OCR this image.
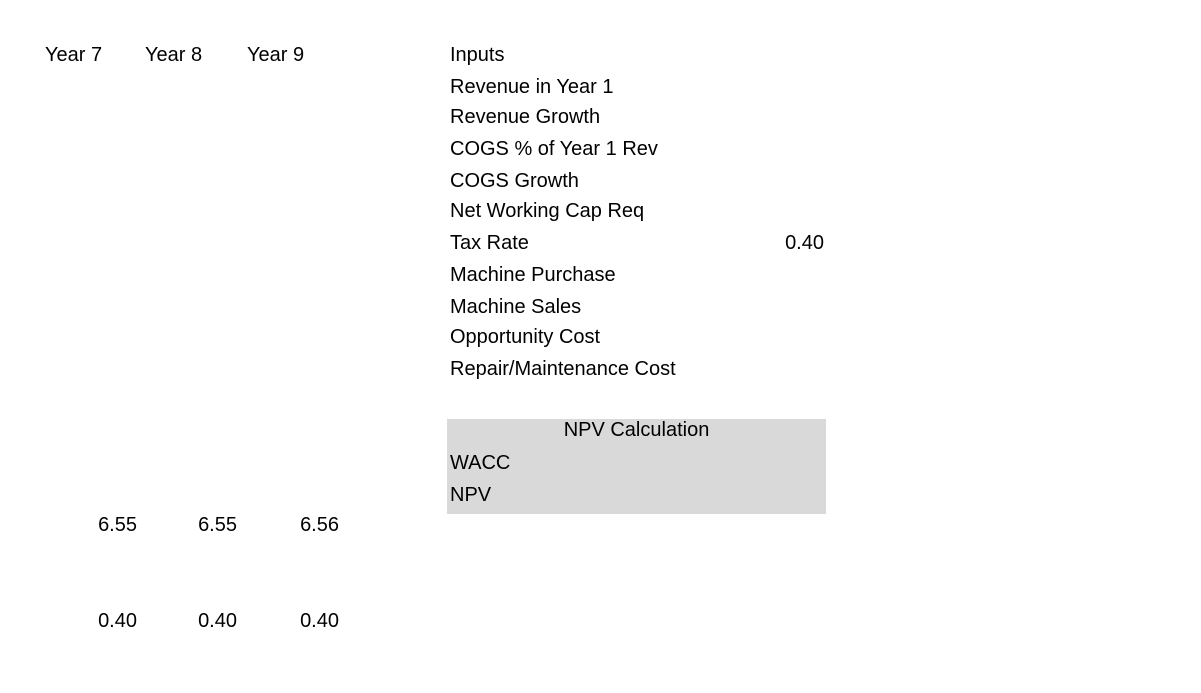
Year 7 Year 8 Year 9
6.55	6.55	6.56
0.40	0.40	0.40
Inputs
Revenue in Year 1
Revenue Growth
COGS % of Year 1 Rev
COGS Growth
Net Working Cap Req
Tax Rate	0.40
Machine Purchase
Machine Sales
Opportunity Cost
Repair/Maintenance Cost
NPV Calculation
WACC
NPV
